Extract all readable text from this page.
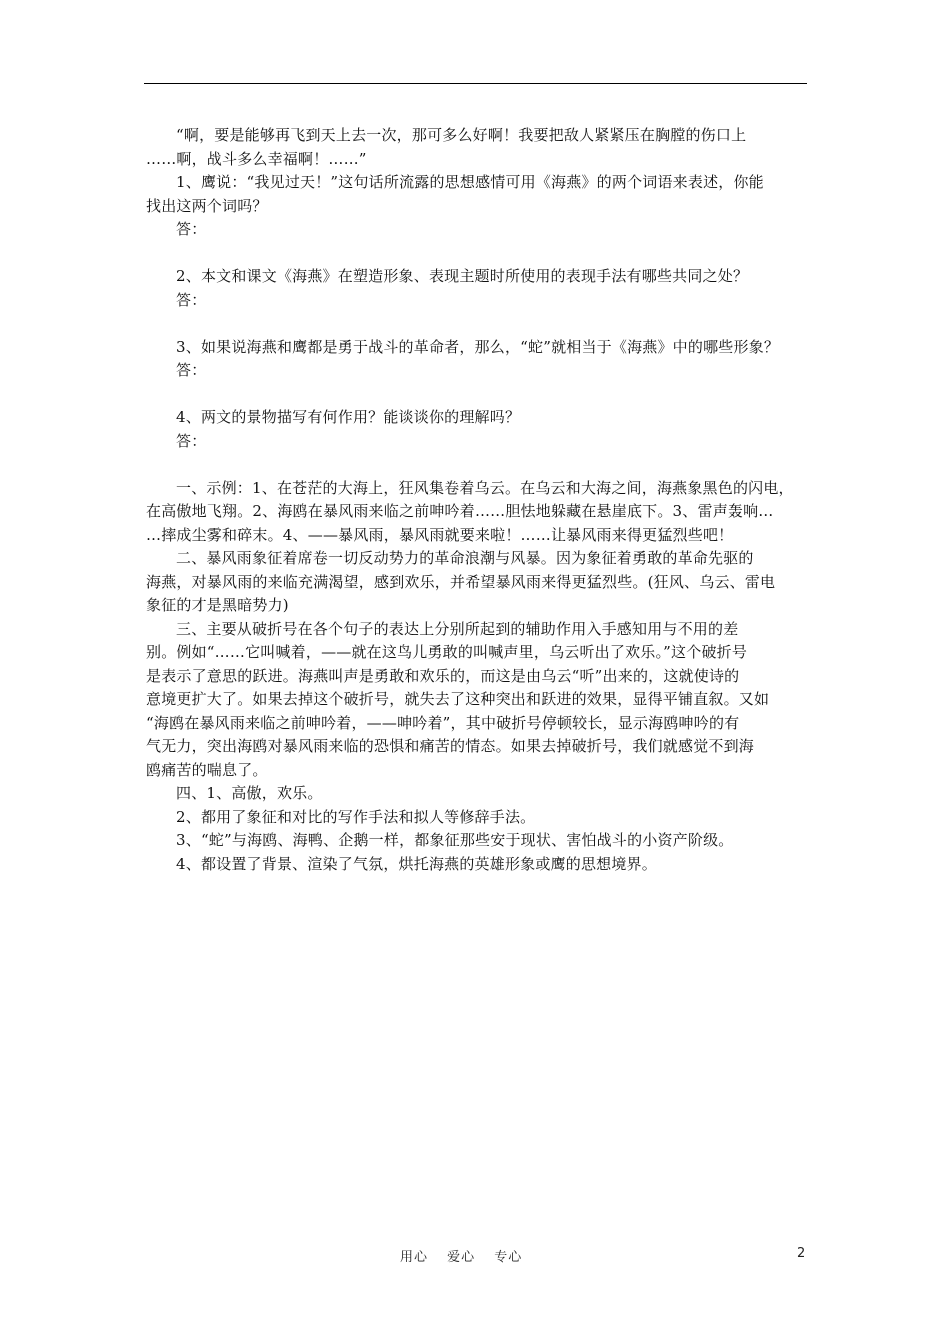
“啊，要是能够再飞到天上去一次，那可多么好啊！我要把敌人紧紧压在胸膛的伤口上

……啊，战斗多么幸福啊！……”

1、鹰说：“我见过天！”这句话所流露的思想感情可用《海燕》的两个词语来表述，你能

找出这两个词吗？

答：

2、本文和课文《海燕》在塑造形象、表现主题时所使用的表现手法有哪些共同之处？

答：

3、如果说海燕和鹰都是勇于战斗的革命者，那么，“蛇”就相当于《海燕》中的哪些形象？

答：

4、两文的景物描写有何作用？能谈谈你的理解吗？

答：

一、示例：1、在苍茫的大海上，狂风集卷着乌云。在乌云和大海之间，海燕象黑色的闪电，

在高傲地飞翔。2、海鸥在暴风雨来临之前呻吟着……胆怯地躲藏在悬崖底下。3、雷声轰响…

…摔成尘雾和碎末。4、——暴风雨，暴风雨就要来啦！……让暴风雨来得更猛烈些吧！

二、暴风雨象征着席卷一切反动势力的革命浪潮与风暴。因为象征着勇敢的革命先驱的

海燕，对暴风雨的来临充满渴望，感到欢乐，并希望暴风雨来得更猛烈些。(狂风、乌云、雷电

象征的才是黑暗势力)

三、主要从破折号在各个句子的表达上分别所起到的辅助作用入手感知用与不用的差

别。例如“……它叫喊着，——就在这鸟儿勇敢的叫喊声里，乌云听出了欢乐。”这个破折号

是表示了意思的跃进。海燕叫声是勇敢和欢乐的，而这是由乌云“听”出来的，这就使诗的

意境更扩大了。如果去掉这个破折号，就失去了这种突出和跃进的效果，显得平铺直叙。又如

“海鸥在暴风雨来临之前呻吟着，——呻吟着”，其中破折号停顿较长，显示海鸥呻吟的有

气无力，突出海鸥对暴风雨来临的恐惧和痛苦的情态。如果去掉破折号，我们就感觉不到海

鸥痛苦的喘息了。

四、1、高傲，欢乐。

2、都用了象征和对比的写作手法和拟人等修辞手法。

3、“蛇”与海鸥、海鸭、企鹅一样，都象征那些安于现状、害怕战斗的小资产阶级。

4、都设置了背景、渲染了气氛，烘托海燕的英雄形象或鹰的思想境界。

用心 爱心 专心	2
